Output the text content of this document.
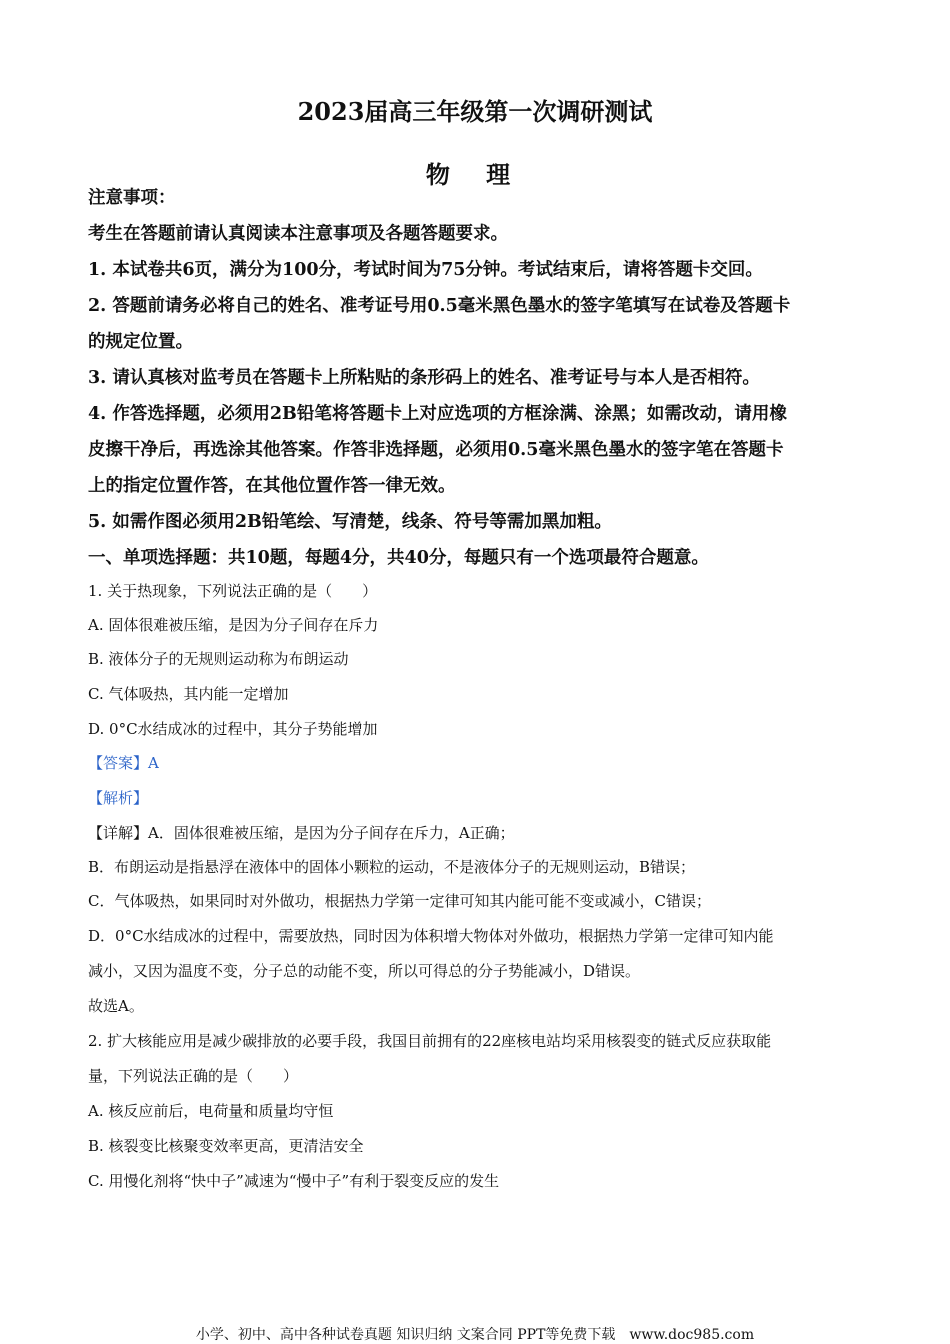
2023届高三年级第一次调研测试
物 理
注意事项：
考生在答题前请认真阅读本注意事项及各题答题要求。
1. 本试卷共6页，满分为100分，考试时间为75分钟。考试结束后，请将答题卡交回。
2. 答题前请务必将自己的姓名、准考证号用0.5毫米黑色墨水的签字笔填写在试卷及答题卡
的规定位置。
3. 请认真核对监考员在答题卡上所粘贴的条形码上的姓名、准考证号与本人是否相符。
4. 作答选择题，必须用2B铅笔将答题卡上对应选项的方框涂满、涂黑；如需改动，请用橡
皮擦干净后，再选涂其他答案。作答非选择题，必须用0.5毫米黑色墨水的签字笔在答题卡
上的指定位置作答，在其他位置作答一律无效。
5. 如需作图必须用2B铅笔绘、写清楚，线条、符号等需加黑加粗。
一、单项选择题：共10题，每题4分，共40分，每题只有一个选项最符合题意。
1. 关于热现象，下列说法正确的是（　　）
A. 固体很难被压缩，是因为分子间存在斥力
B. 液体分子的无规则运动称为布朗运动
C. 气体吸热，其内能一定增加
D. 0°C水结成冰的过程中，其分子势能增加
【答案】A
【解析】
【详解】A．固体很难被压缩，是因为分子间存在斥力，A正确；
B．布朗运动是指悬浮在液体中的固体小颗粒的运动，不是液体分子的无规则运动，B错误；
C．气体吸热，如果同时对外做功，根据热力学第一定律可知其内能可能不变或减小，C错误；
D．0°C水结成冰的过程中，需要放热，同时因为体积增大物体对外做功，根据热力学第一定律可知内能
减小，又因为温度不变，分子总的动能不变，所以可得总的分子势能减小，D错误。
故选A。
2. 扩大核能应用是减少碳排放的必要手段，我国目前拥有的22座核电站均采用核裂变的链式反应获取能
量，下列说法正确的是（　　）
A. 核反应前后，电荷量和质量均守恒
B. 核裂变比核聚变效率更高，更清洁安全
C. 用慢化剂将“快中子”减速为“慢中子”有利于裂变反应的发生
小学、初中、高中各种试卷真题 知识归纳 文案合同 PPT等免费下载　www.doc985.com
